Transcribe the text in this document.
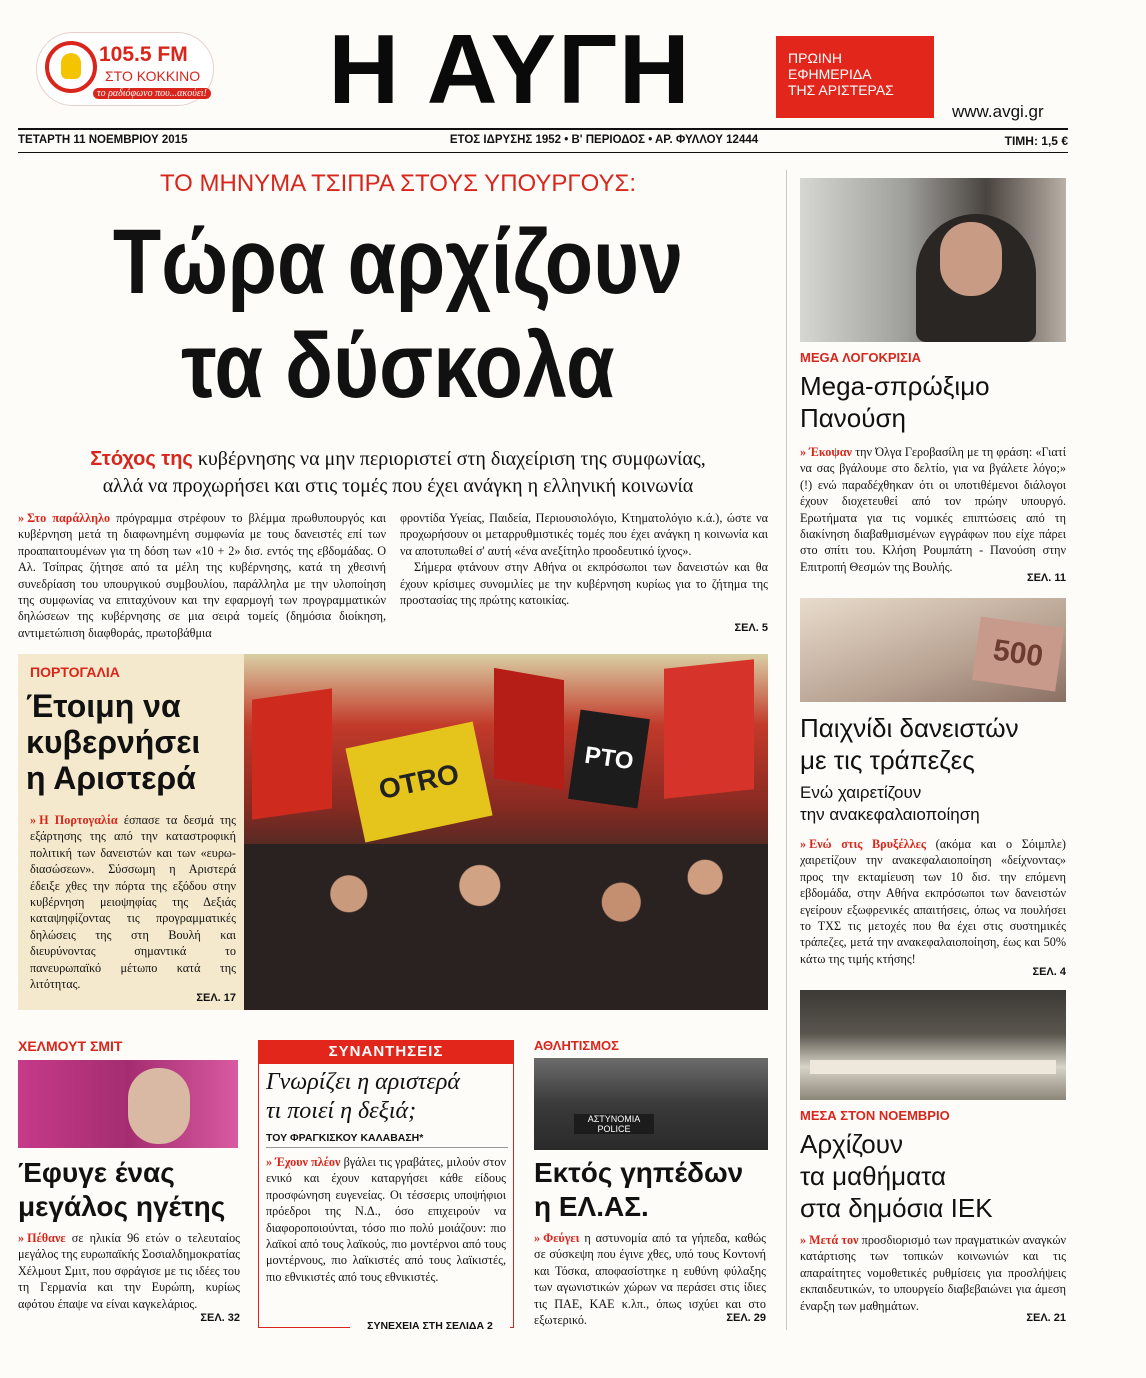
105.5 FM
ΣΤΟ ΚΟΚΚΙΝΟ
το ραδιόφωνο που...ακούει!	Η ΑΥΓΗ	ΠΡΩΙΝΗ
ΕΦΗΜΕΡΙΔΑ
ΤΗΣ ΑΡΙΣΤΕΡΑΣ
www.avgi.gr
ΤΕΤΑΡΤΗ 11 ΝΟΕΜΒΡΙΟΥ 2015	ΕΤΟΣ ΙΔΡΥΣΗΣ 1952 • Β' ΠΕΡΙΟΔΟΣ • ΑΡ. ΦΥΛΛΟΥ 12444	ΤΙΜΗ: 1,5 €
ΤΟ ΜΗΝΥΜΑ ΤΣΙΠΡΑ ΣΤΟΥΣ ΥΠΟΥΡΓΟΥΣ:
Τώρα αρχίζουν
τα δύσκολα
Στόχος της κυβέρνησης να μην περιοριστεί στη διαχείριση της συμφωνίας,
αλλά να προχωρήσει και στις τομές που έχει ανάγκη η ελληνική κοινωνία
» Στο παράλληλο πρόγραμμα στρέφουν το βλέμμα πρωθυπουργός και κυβέρνηση μετά τη διαφωνημένη συμφωνία με τους δανειστές επί των προαπαιτουμένων για τη δόση των «10 + 2» δισ. εντός της εβδομάδας. Ο Αλ. Τσίπρας ζήτησε από τα μέλη της κυβέρνησης, κατά τη χθεσινή συνεδρίαση του υπουργικού συμβουλίου, παράλληλα με την υλοποίηση της συμφωνίας να επιταχύνουν και την εφαρμογή των προγραμματικών δηλώσεων της κυβέρνησης σε μια σειρά τομείς (δημόσια διοίκηση, αντιμετώπιση διαφθοράς, πρωτοβάθμια
φροντίδα Υγείας, Παιδεία, Περιουσιολόγιο, Κτηματολόγιο κ.ά.), ώστε να προχωρήσουν οι μεταρρυθμιστικές τομές που έχει ανάγκη η κοινωνία και να αποτυπωθεί σ' αυτή «ένα ανεξίτηλο προοδευτικό ίχνος».
Σήμερα φτάνουν στην Αθήνα οι εκπρόσωποι των δανειστών και θα έχουν κρίσιμες συνομιλίες με την κυβέρνηση κυρίως για το ζήτημα της προστασίας της πρώτης κατοικίας.
ΣΕΛ. 5
ΠΟΡΤΟΓΑΛΙΑ
Έτοιμη να
κυβερνήσει
η Αριστερά
» Η Πορτογαλία έσπασε τα δεσμά της εξάρτησης της από την καταστροφική πολιτική των δανειστών και των «ευρω-διασώσεων». Σύσσωμη η Αριστερά έδειξε χθες την πόρτα της εξόδου στην κυβέρνηση μειοψηφίας της Δεξιάς καταψηφίζοντας τις προγραμματικές δηλώσεις της στη Βουλή και διευρύνοντας σημαντικά το πανευρωπαϊκό μέτωπο κατά της λιτότητας.
ΣΕΛ. 17
OTRO	PTO
MEGA ΛΟΓΟΚΡΙΣΙΑ
Mega-σπρώξιμο
Πανούση
» Έκοψαν την Όλγα Γεροβασίλη με τη φράση: «Γιατί να σας βγάλουμε στο δελτίο, για να βγάλετε λόγο;» (!) ενώ παραδέχθηκαν ότι οι υποτιθέμενοι διάλογοι έχουν διοχετευθεί από τον πρώην υπουργό. Ερωτήματα για τις νομικές επιπτώσεις από τη διακίνηση διαβαθμισμένων εγγράφων που είχε πάρει στο σπίτι του. Κλήση Ρουμπάτη - Πανούση στην Επιτροπή Θεσμών της Βουλής.
ΣΕΛ. 11
500
Παιχνίδι δανειστών
με τις τράπεζες
Ενώ χαιρετίζουν
την ανακεφαλαιοποίηση
» Ενώ στις Βρυξέλλες (ακόμα και ο Σόιμπλε) χαιρετίζουν την ανακεφαλαιοποίηση «δείχνοντας» προς την εκταμίευση των 10 δισ. την επόμενη εβδομάδα, στην Αθήνα εκπρόσωποι των δανειστών εγείρουν εξωφρενικές απαιτήσεις, όπως να πουλήσει το ΤΧΣ τις μετοχές που θα έχει στις συστημικές τράπεζες, μετά την ανακεφαλαιοποίηση, έως και 50% κάτω της τιμής κτήσης!
ΣΕΛ. 4
ΜΕΣΑ ΣΤΟΝ ΝΟΕΜΒΡΙΟ
Αρχίζουν
τα μαθήματα
στα δημόσια ΙΕΚ
» Μετά τον προσδιορισμό των πραγματικών αναγκών κατάρτισης των τοπικών κοινωνιών και τις απαραίτητες νομοθετικές ρυθμίσεις για προσλήψεις εκπαιδευτικών, το υπουργείο διαβεβαιώνει για άμεση έναρξη των μαθημάτων.
ΣΕΛ. 21
ΧΕΛΜΟΥΤ ΣΜΙΤ
Έφυγε ένας
μεγάλος ηγέτης
» Πέθανε σε ηλικία 96 ετών ο τελευταίος μεγάλος της ευρωπαϊκής Σοσιαλδημοκρατίας Χέλμουτ Σμιτ, που σφράγισε με τις ιδέες του τη Γερμανία και την Ευρώπη, κυρίως αφότου έπαψε να είναι καγκελάριος.
ΣΕΛ. 32
ΣΥΝΑΝΤΗΣΕΙΣ
Γνωρίζει η αριστερά
τι ποιεί η δεξιά;
ΤΟΥ ΦΡΑΓΚΙΣΚΟΥ ΚΑΛΑΒΑΣΗ*
» Έχουν πλέον βγάλει τις γραβάτες, μιλούν στον ενικό και έχουν καταργήσει κάθε είδους προσφώνηση ευγενείας. Οι τέσσερις υποψήφιοι πρόεδροι της Ν.Δ., όσο επιχειρούν να διαφοροποιούνται, τόσο πιο πολύ μοιάζουν: πιο λαϊκοί από τους λαϊκούς, πιο μοντέρνοι από τους μοντέρνους, πιο λαϊκιστές από τους λαϊκιστές, πιο εθνικιστές από τους εθνικιστές.
ΣΥΝΕΧΕΙΑ ΣΤΗ ΣΕΛΙΔΑ 2
ΑΘΛΗΤΙΣΜΟΣ
ΑΣΤΥΝΟΜΙΑ POLICE
Εκτός γηπέδων
η ΕΛ.ΑΣ.
» Φεύγει η αστυνομία από τα γήπεδα, καθώς σε σύσκεψη που έγινε χθες, υπό τους Κοντονή και Τόσκα, αποφασίστηκε η ευθύνη φύλαξης των αγωνιστικών χώρων να περάσει στις ίδιες τις ΠΑΕ, ΚΑΕ κ.λπ., όπως ισχύει και στο εξωτερικό.	ΣΕΛ. 29
